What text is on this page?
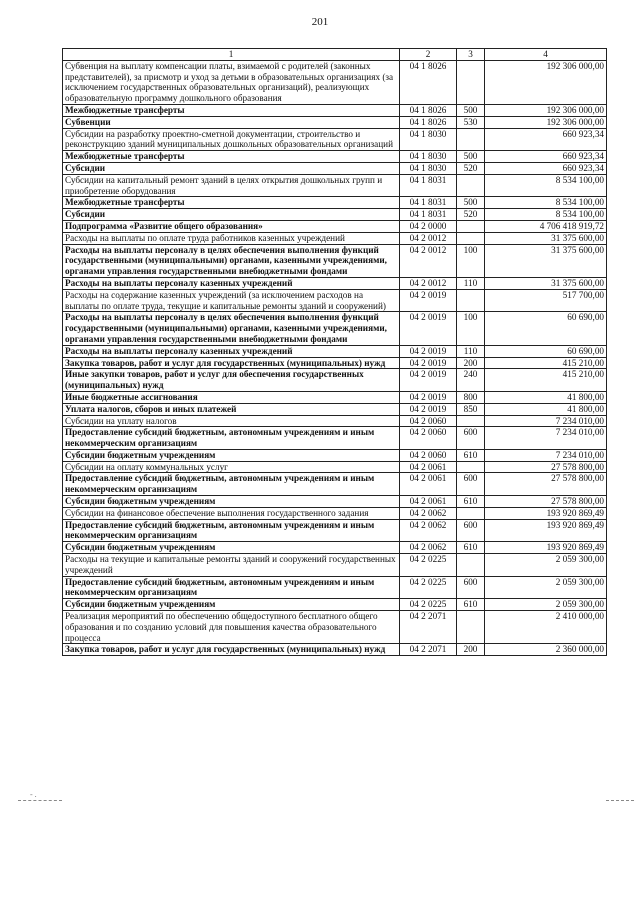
201
1	2	3	4
Субвенция на выплату компенсации платы, взимаемой с родителей (законных представителей), за присмотр и уход за детьми в образовательных организациях (за исключением государственных образовательных организаций), реализующих образовательную программу дошкольного образования	04 1 8026		192 306 000,00
Межбюджетные трансферты	04 1 8026	500	192 306 000,00
Субвенции	04 1 8026	530	192 306 000,00
Субсидии на разработку проектно-сметной документации, строительство и реконструкцию зданий муниципальных дошкольных образовательных организаций	04 1 8030		660 923,34
Межбюджетные трансферты	04 1 8030	500	660 923,34
Субсидии	04 1 8030	520	660 923,34
Субсидии на капитальный ремонт зданий в целях открытия дошкольных групп и приобретение оборудования	04 1 8031		8 534 100,00
Межбюджетные трансферты	04 1 8031	500	8 534 100,00
Субсидии	04 1 8031	520	8 534 100,00
Подпрограмма «Развитие общего образования»	04 2 0000		4 706 418 919,72
Расходы на выплаты по оплате труда работников казенных учреждений	04 2 0012		31 375 600,00
Расходы на выплаты персоналу в целях обеспечения выполнения функций государственными (муниципальными) органами, казенными учреждениями, органами управления государственными внебюджетными фондами	04 2 0012	100	31 375 600,00
Расходы на выплаты персоналу казенных учреждений	04 2 0012	110	31 375 600,00
Расходы на содержание казенных учреждений (за исключением расходов на выплаты по оплате труда, текущие и капитальные ремонты зданий и сооружений)	04 2 0019		517 700,00
Расходы на выплаты персоналу в целях обеспечения выполнения функций государственными (муниципальными) органами, казенными учреждениями, органами управления государственными внебюджетными фондами	04 2 0019	100	60 690,00
Расходы на выплаты персоналу казенных учреждений	04 2 0019	110	60 690,00
Закупка товаров, работ и услуг для государственных (муниципальных) нужд	04 2 0019	200	415 210,00
Иные закупки товаров, работ и услуг для обеспечения государственных (муниципальных) нужд	04 2 0019	240	415 210,00
Иные бюджетные ассигнования	04 2 0019	800	41 800,00
Уплата налогов, сборов и иных платежей	04 2 0019	850	41 800,00
Субсидии на уплату налогов	04 2 0060		7 234 010,00
Предоставление субсидий бюджетным, автономным учреждениям и иным некоммерческим организациям	04 2 0060	600	7 234 010,00
Субсидии бюджетным учреждениям	04 2 0060	610	7 234 010,00
Субсидии на оплату коммунальных услуг	04 2 0061		27 578 800,00
Предоставление субсидий бюджетным, автономным учреждениям и иным некоммерческим организациям	04 2 0061	600	27 578 800,00
Субсидии бюджетным учреждениям	04 2 0061	610	27 578 800,00
Субсидии на финансовое обеспечение выполнения государственного задания	04 2 0062		193 920 869,49
Предоставление субсидий бюджетным, автономным учреждениям и иным некоммерческим организациям	04 2 0062	600	193 920 869,49
Субсидии бюджетным учреждениям	04 2 0062	610	193 920 869,49
Расходы на текущие и капитальные ремонты зданий и сооружений государственных учреждений	04 2 0225		2 059 300,00
Предоставление субсидий бюджетным, автономным учреждениям и иным некоммерческим организациям	04 2 0225	600	2 059 300,00
Субсидии бюджетным учреждениям	04 2 0225	610	2 059 300,00
Реализация мероприятий по обеспечению общедоступного бесплатного общего образования и по созданию условий для повышения качества образовательного процесса	04 2 2071		2 410 000,00
Закупка товаров, работ и услуг для государственных (муниципальных) нужд	04 2 2071	200	2 360 000,00
- .
